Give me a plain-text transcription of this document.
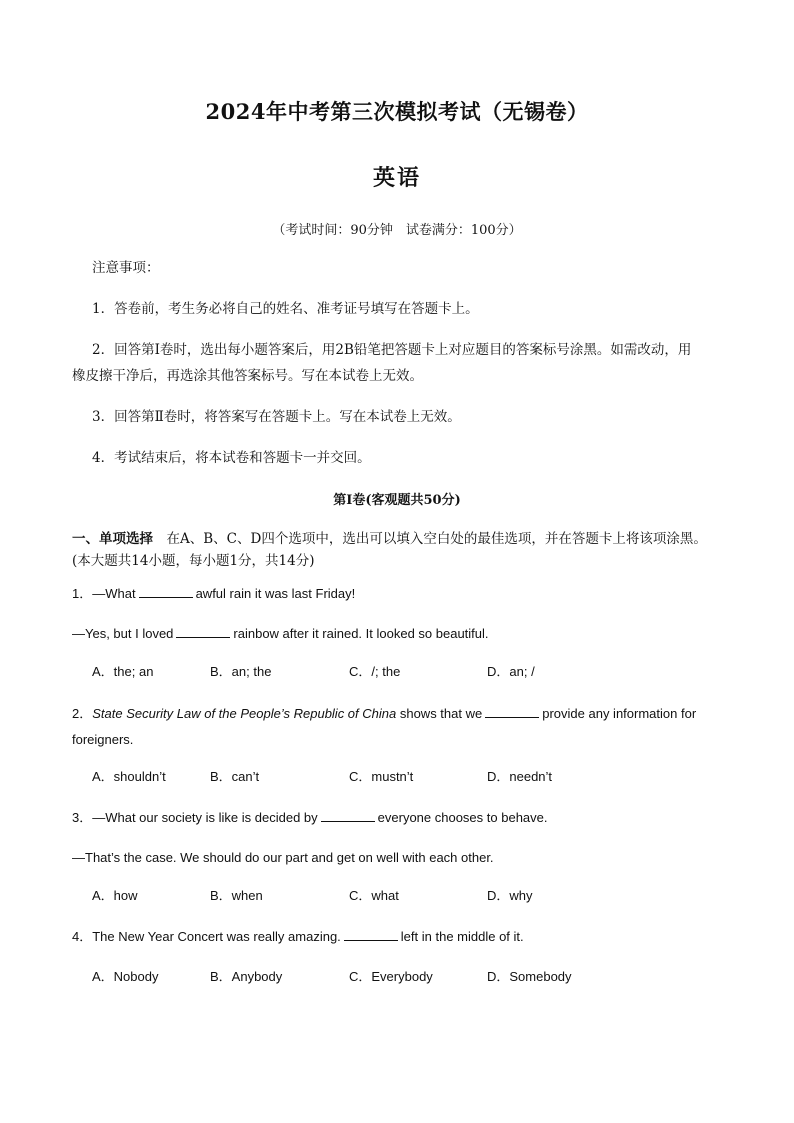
2024年中考第三次模拟考试（无锡卷）
英语
（考试时间：90分钟　试卷满分：100分）
注意事项：
1．答卷前，考生务必将自己的姓名、准考证号填写在答题卡上。
2．回答第Ⅰ卷时，选出每小题答案后，用2B铅笔把答题卡上对应题目的答案标号涂黑。如需改动，用
橡皮擦干净后，再选涂其他答案标号。写在本试卷上无效。
3．回答第Ⅱ卷时，将答案写在答题卡上。写在本试卷上无效。
4．考试结束后，将本试卷和答题卡一并交回。
第Ⅰ卷(客观题共50分)
一、单项选择　在A、B、C、D四个选项中，选出可以填入空白处的最佳选项，并在答题卡上将该项涂黑。
(本大题共14小题，每小题1分，共14分)
1．—What	awful rain it was last Friday!
—Yes, but I loved	rainbow after it rained. It looked so beautiful.
A．the; an	B．an; the	C．/; the	D．an; /
2．State Security Law of the People’s Republic of China shows that we	provide any information for
foreigners.
A．shouldn’t	B．can’t	C．mustn’t	D．needn’t
3．—What our society is like is decided by	everyone chooses to behave.
—That’s the case. We should do our part and get on well with each other.
A．how	B．when	C．what	D．why
4．The New Year Concert was really amazing.	left in the middle of it.
A．Nobody	B．Anybody	C．Everybody	D．Somebody
